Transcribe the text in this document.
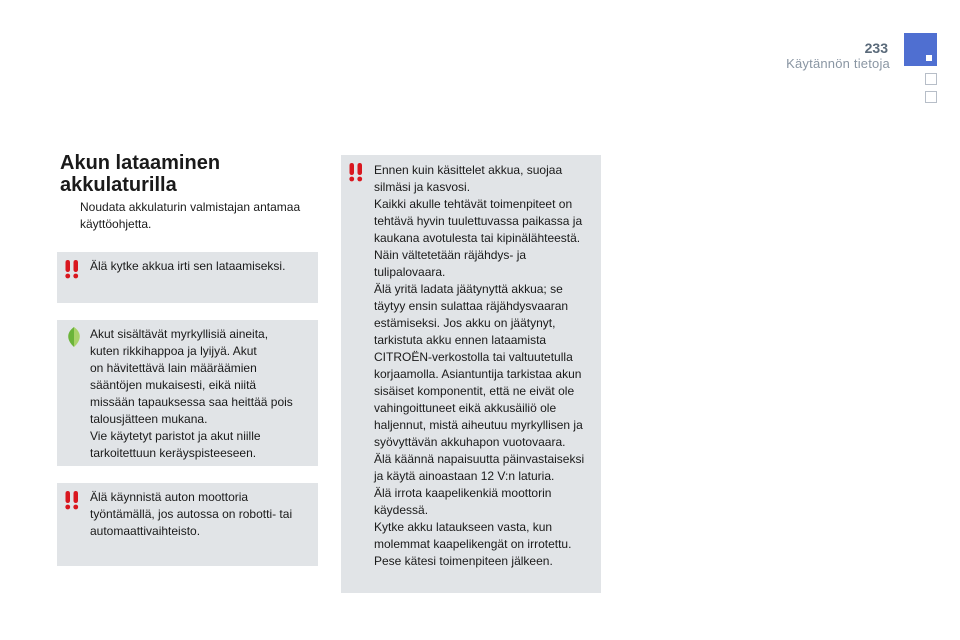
233
Käytännön tietoja
Akun lataaminen
akkulaturilla
Noudata akkulaturin valmistajan antamaa käyttöohjetta.

Älä kytke akkua irti sen lataamiseksi.

Akut sisältävät myrkyllisiä aineita,

kuten rikkihappoa ja lyijyä. Akut

on hävitettävä lain määräämien

sääntöjen mukaisesti, eikä niitä

missään tapauksessa saa heittää pois

talousjätteen mukana.

Vie käytetyt paristot ja akut niille

tarkoitettuun keräyspisteeseen.

Älä käynnistä auton moottoria

työntämällä, jos autossa on robotti- tai

automaattivaihteisto.

Ennen kuin käsittelet akkua, suojaa

silmäsi ja kasvosi.

Kaikki akulle tehtävät toimenpiteet on

tehtävä hyvin tuulettuvassa paikassa ja

kaukana avotulesta tai kipinälähteestä.

Näin vältetetään räjähdys- ja

tulipalovaara.

Älä yritä ladata jäätynyttä akkua; se

täytyy ensin sulattaa räjähdysvaaran

estämiseksi. Jos akku on jäätynyt,

tarkistuta akku ennen lataamista

CITROËN-verkostolla tai valtuutetulla

korjaamolla. Asiantuntija tarkistaa akun

sisäiset komponentit, että ne eivät ole

vahingoittuneet eikä akkusäiliö ole

haljennut, mistä aiheutuu myrkyllisen ja

syövyttävän akkuhapon vuotovaara.

Älä käännä napaisuutta päinvastaiseksi

ja käytä ainoastaan 12 V:n laturia.

Älä irrota kaapelikenkiä moottorin

käydessä.

Kytke akku lataukseen vasta, kun

molemmat kaapelikengät on irrotettu.

Pese kätesi toimenpiteen jälkeen.
